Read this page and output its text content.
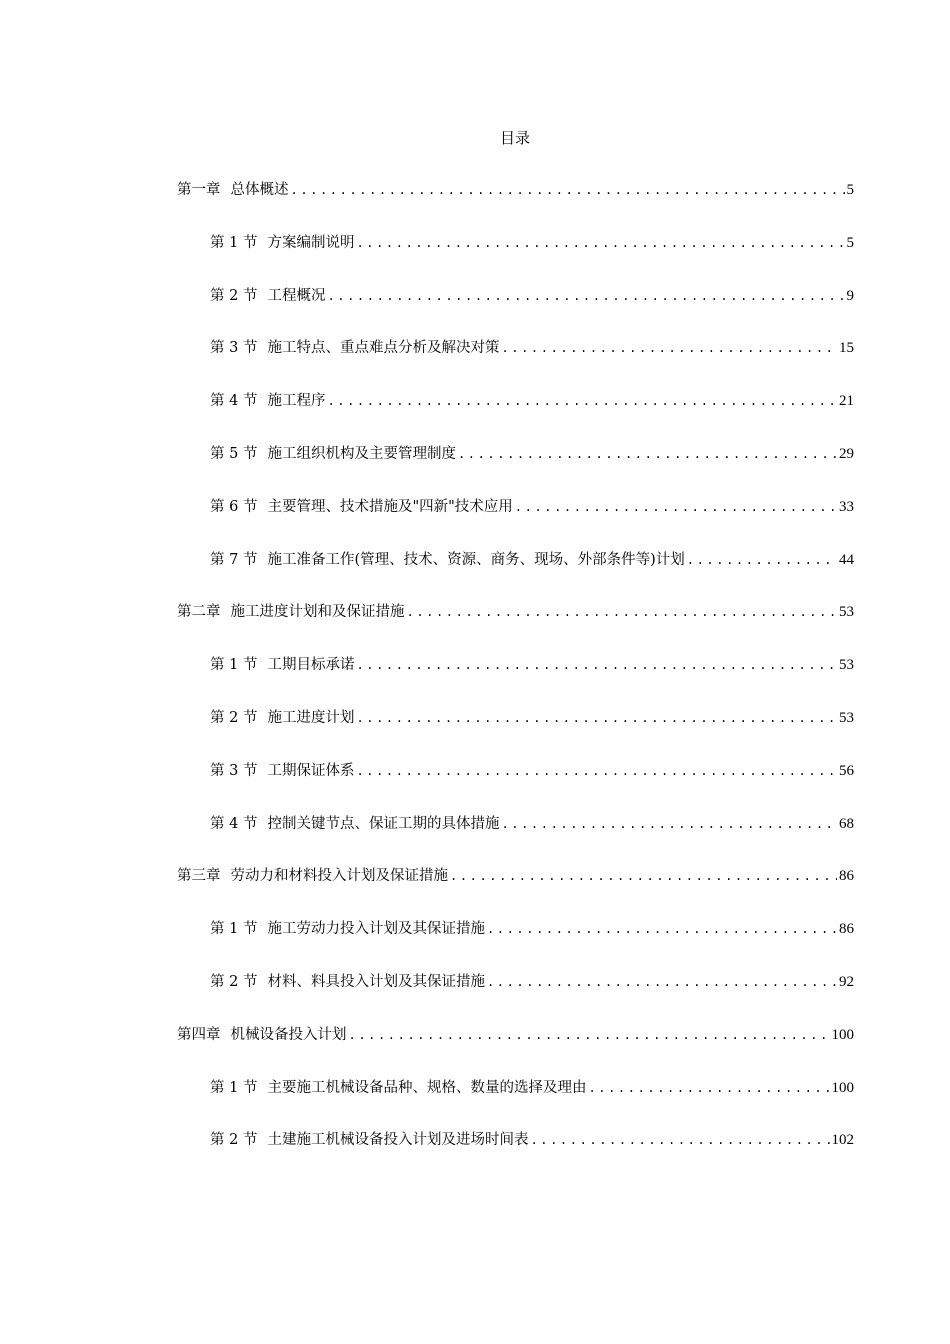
目录
第一章 总体概述 .....	5
第 1 节 方案编制说明 .....	5
第 2 节 工程概况 .....	9
第 3 节 施工特点、重点难点分析及解决对策 .....	15
第 4 节 施工程序 .....	21
第 5 节 施工组织机构及主要管理制度 .....	29
第 6 节 主要管理、技术措施及"四新"技术应用 .....	33
第 7 节 施工准备工作(管理、技术、资源、商务、现场、外部条件等)计划 .....	44
第二章 施工进度计划和及保证措施 .....	53
第 1 节 工期目标承诺 .....	53
第 2 节 施工进度计划 .....	53
第 3 节 工期保证体系 .....	56
第 4 节 控制关键节点、保证工期的具体措施 .....	68
第三章 劳动力和材料投入计划及保证措施 .....	86
第 1 节 施工劳动力投入计划及其保证措施 .....	86
第 2 节 材料、料具投入计划及其保证措施 .....	92
第四章 机械设备投入计划 .....	100
第 1 节 主要施工机械设备品种、规格、数量的选择及理由 .....	100
第 2 节 土建施工机械设备投入计划及进场时间表 .....	102
